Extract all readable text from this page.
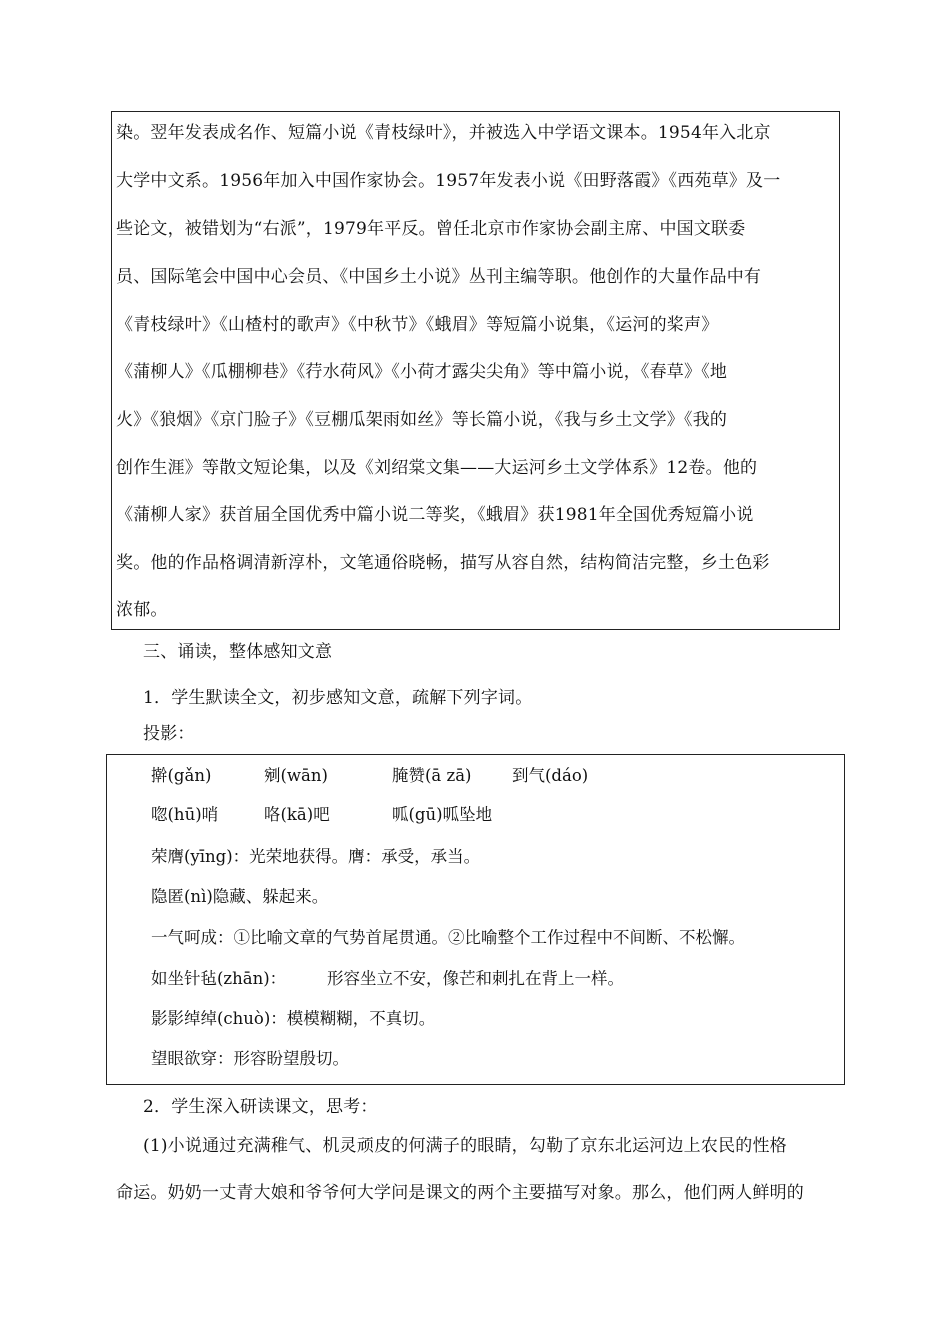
染。翌年发表成名作、短篇小说《青枝绿叶》，并被选入中学语文课本。1954年入北京
大学中文系。1956年加入中国作家协会。1957年发表小说《田野落霞》《西苑草》及一
些论文，被错划为“右派”，1979年平反。曾任北京市作家协会副主席、中国文联委
员、国际笔会中国中心会员、《中国乡土小说》丛刊主编等职。他创作的大量作品中有
《青枝绿叶》《山楂村的歌声》《中秋节》《蛾眉》等短篇小说集，《运河的桨声》
《蒲柳人》《瓜棚柳巷》《荇水荷风》《小荷才露尖尖角》等中篇小说，《春草》《地
火》《狼烟》《京门脸子》《豆棚瓜架雨如丝》等长篇小说，《我与乡土文学》《我的
创作生涯》等散文短论集，以及《刘绍棠文集——大运河乡土文学体系》12卷。他的
《蒲柳人家》获首届全国优秀中篇小说二等奖，《蛾眉》获1981年全国优秀短篇小说
奖。他的作品格调清新淳朴，文笔通俗晓畅，描写从容自然，结构简洁完整，乡土色彩
浓郁。
三、诵读，整体感知文意
1．学生默读全文，初步感知文意，疏解下列字词。
投影：
擀(gǎn)	剜(wān)	腌赞(ā zā) 到气(dáo)
唿(hū)哨	咯(kā)吧	呱(gū)呱坠地
荣膺(yīng)：光荣地获得。膺：承受，承当。
隐匿(nì)隐藏、躲起来。
一气呵成：①比喻文章的气势首尾贯通。②比喻整个工作过程中不间断、不松懈。
如坐针毡(zhān)： 形容坐立不安，像芒和刺扎在背上一样。
影影绰绰(chuò)：模模糊糊，不真切。
望眼欲穿：形容盼望殷切。
2．学生深入研读课文，思考：
(1)小说通过充满稚气、机灵顽皮的何满子的眼睛，勾勒了京东北运河边上农民的性格
命运。奶奶一丈青大娘和爷爷何大学问是课文的两个主要描写对象。那么，他们两人鲜明的
